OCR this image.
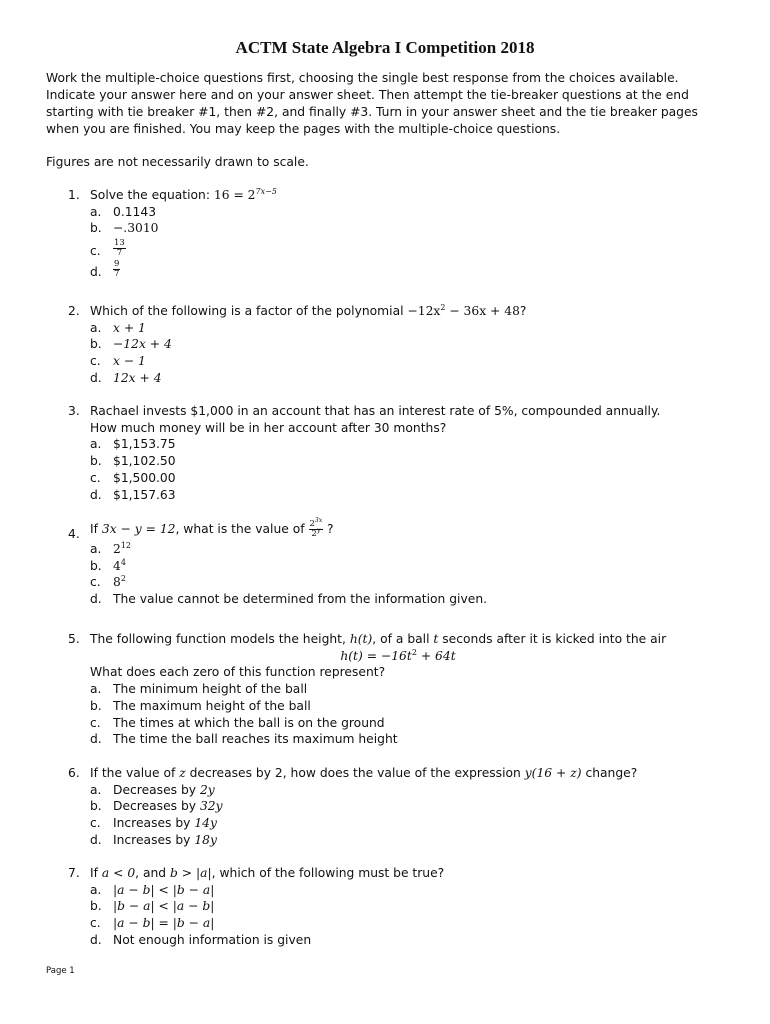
ACTM State Algebra I Competition 2018
Work the multiple-choice questions first, choosing the single best response from the choices available. Indicate your answer here and on your answer sheet. Then attempt the tie-breaker questions at the end starting with tie breaker #1, then #2, and finally #3. Turn in your answer sheet and the tie breaker pages when you are finished. You may keep the pages with the multiple-choice questions.
Figures are not necessarily drawn to scale.
1. Solve the equation: $16 = 2^{7x-5}$
a. 0.1143
b. −.3010
c. $\frac{13}{7}$
d. $\frac{9}{7}$
2. Which of the following is a factor of the polynomial $-12x^2 - 36x + 48$?
a. x + 1
b. −12x + 4
c. x − 1
d. 12x + 4
3. Rachael invests $1,000 in an account that has an interest rate of 5%, compounded annually.
How much money will be in her account after 30 months?
a. $1,153.75
b. $1,102.50
c. $1,500.00
d. $1,157.63
4. If 3x − y = 12, what is the value of $\frac{2^{3x}}{2^y}$ ?
a. $2^{12}$
b. $4^4$
c. $8^2$
d. The value cannot be determined from the information given.
5. The following function models the height, h(t), of a ball t seconds after it is kicked into the air
$h(t) = -16t^2 + 64t$
What does each zero of this function represent?
a. The minimum height of the ball
b. The maximum height of the ball
c. The times at which the ball is on the ground
d. The time the ball reaches its maximum height
6. If the value of z decreases by 2, how does the value of the expression y(16 + z) change?
a. Decreases by 2y
b. Decreases by 32y
c. Increases by 14y
d. Increases by 18y
7. If a < 0, and b > |a|, which of the following must be true?
a. |a − b| < |b − a|
b. |b − a| < |a − b|
c. |a − b| = |b − a|
d. Not enough information is given
Page 1
